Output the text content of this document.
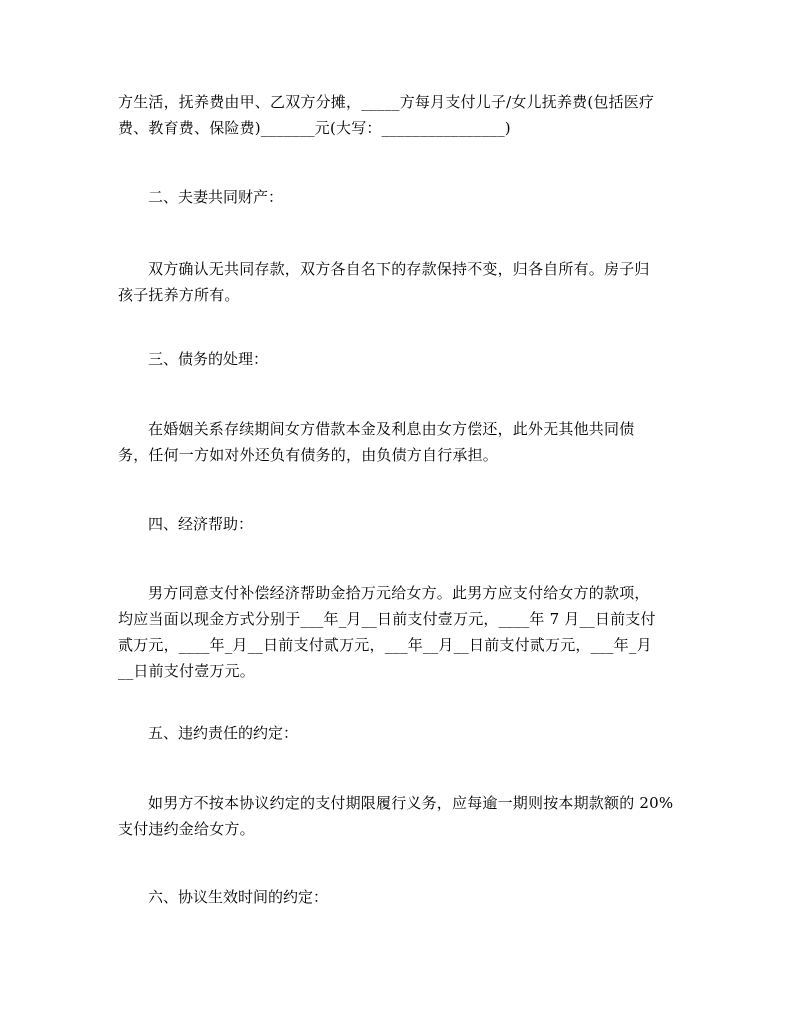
方生活，抚养费由甲、乙双方分摊，_____方每月支付儿子/女儿抚养费(包括医疗
费、教育费、保险费)_______元(大写：________________)

二、夫妻共同财产：

双方确认无共同存款，双方各自名下的存款保持不变，归各自所有。房子归
孩子抚养方所有。

三、债务的处理：

在婚姻关系存续期间女方借款本金及利息由女方偿还，此外无其他共同债
务，任何一方如对外还负有债务的，由负债方自行承担。

四、经济帮助：

男方同意支付补偿经济帮助金拾万元给女方。此男方应支付给女方的款项，
均应当面以现金方式分别于___年_月__日前支付壹万元，____年 7 月__日前支付
贰万元，____年_月__日前支付贰万元，___年__月__日前支付贰万元，___年_月
__日前支付壹万元。

五、违约责任的约定：

如男方不按本协议约定的支付期限履行义务，应每逾一期则按本期款额的 20%
支付违约金给女方。

六、协议生效时间的约定：
